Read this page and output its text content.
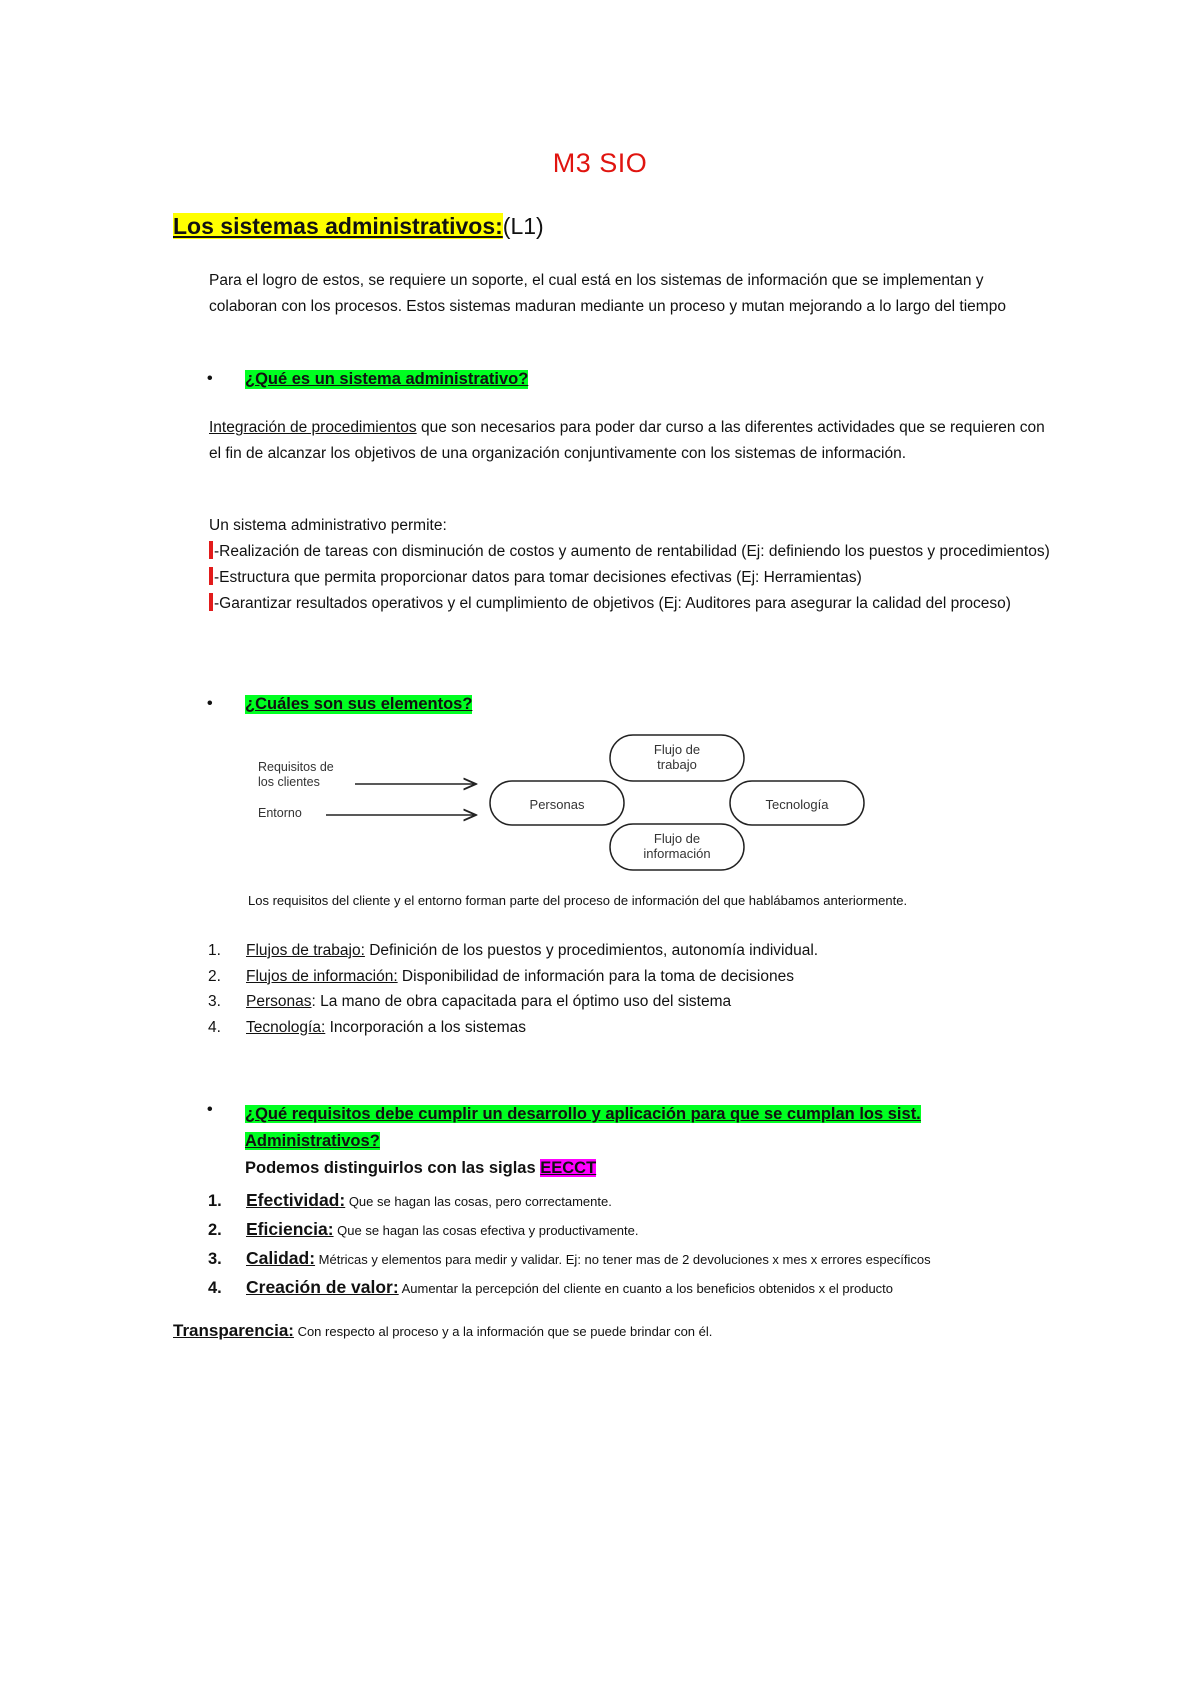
M3 SIO
Los sistemas administrativos:(L1)
Para el logro de estos, se requiere un soporte, el cual está en los sistemas de información que se implementan y colaboran con los procesos. Estos sistemas maduran mediante un proceso y mutan mejorando a lo largo del tiempo
•	¿Qué es un sistema administrativo?
Integración de procedimientos que son necesarios para poder dar curso a las diferentes actividades que se requieren con el fin de alcanzar los objetivos de una organización conjuntivamente con los sistemas de información.
Un sistema administrativo permite:
-Realización de tareas con disminución de costos y aumento de rentabilidad (Ej: definiendo los puestos y procedimientos)
-Estructura que permita proporcionar datos para tomar decisiones efectivas (Ej: Herramientas)
-Garantizar resultados operativos y el cumplimiento de objetivos (Ej: Auditores para asegurar la calidad del proceso)
•	¿Cuáles son sus elementos?
Requisitos de
los clientes
Entorno
Personas
Flujo de
trabajo
Tecnología
Flujo de
información
Los requisitos del cliente y el entorno forman parte del proceso de información del que hablábamos anteriormente.
1. Flujos de trabajo: Definición de los puestos y procedimientos, autonomía individual.
2. Flujos de información: Disponibilidad de información para la toma de decisiones
3. Personas: La mano de obra capacitada para el óptimo uso del sistema
4. Tecnología: Incorporación a los sistemas
•	¿Qué requisitos debe cumplir un desarrollo y aplicación para que se cumplan los sist.
Administrativos?
Podemos distinguirlos con las siglas EECCT
1. Efectividad: Que se hagan las cosas, pero correctamente.
2. Eficiencia: Que se hagan las cosas efectiva y productivamente.
3. Calidad: Métricas y elementos para medir y validar. Ej: no tener mas de 2 devoluciones x mes x errores específicos
4. Creación de valor: Aumentar la percepción del cliente en cuanto a los beneficios obtenidos x el producto
Transparencia: Con respecto al proceso y a la información que se puede brindar con él.
